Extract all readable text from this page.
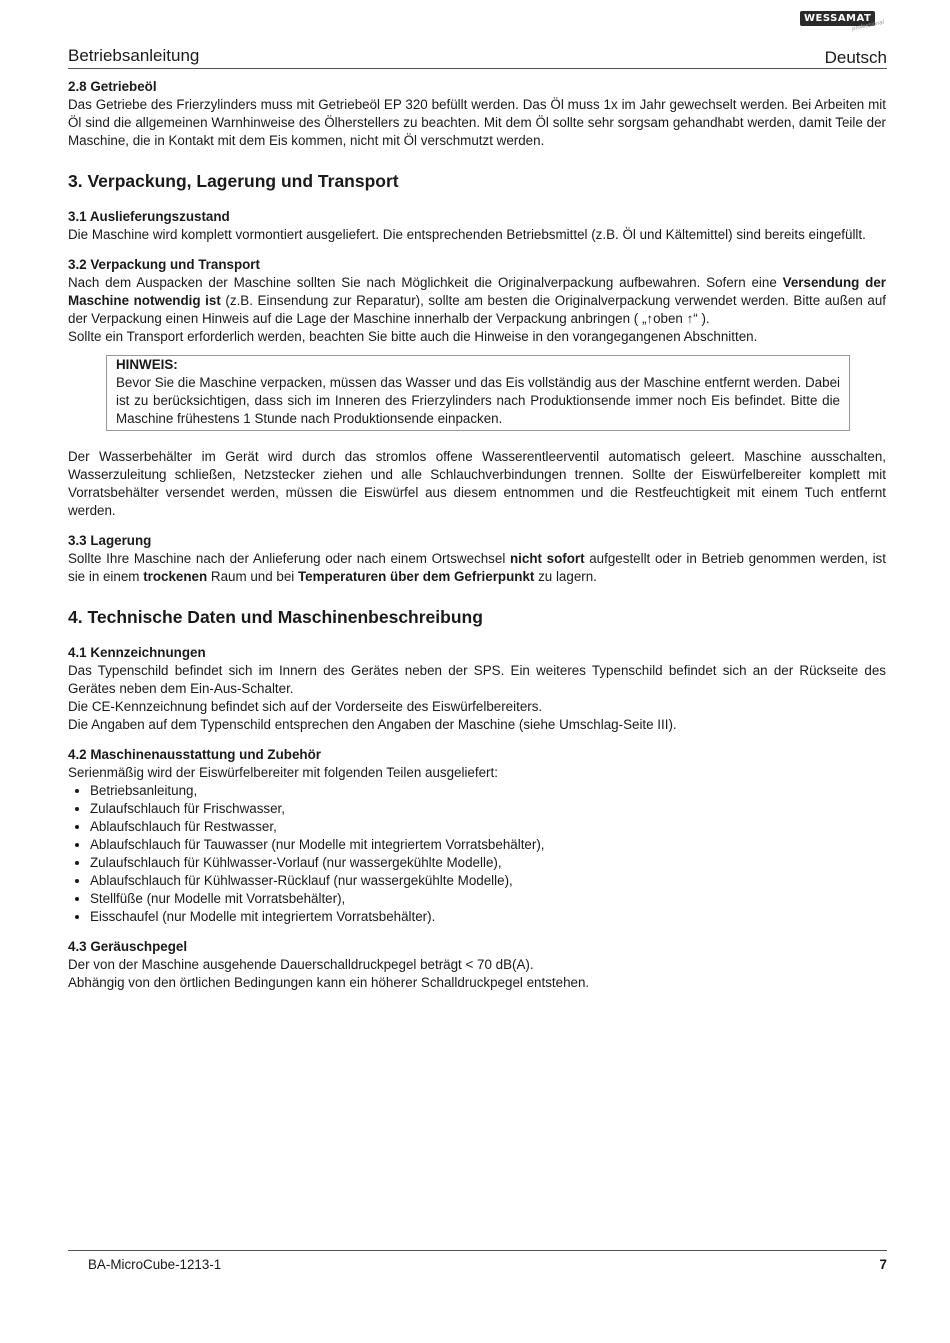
WESSAMAT
professional
Betriebsanleitung	Deutsch
2.8 Getriebeöl

Das Getriebe des Frierzylinders muss mit Getriebeöl EP 320 befüllt werden. Das Öl muss 1x im Jahr gewechselt werden. Bei Arbeiten mit Öl sind die allgemeinen Warnhinweise des Ölherstellers zu beachten. Mit dem Öl sollte sehr sorgsam gehandhabt werden, damit Teile der Maschine, die in Kontakt mit dem Eis kommen, nicht mit Öl verschmutzt werden.

3. Verpackung, Lagerung und Transport
3.1 Auslieferungszustand

Die Maschine wird komplett vormontiert ausgeliefert. Die entsprechenden Betriebsmittel (z.B. Öl und Kältemittel) sind bereits eingefüllt.

3.2 Verpackung und Transport

Nach dem Auspacken der Maschine sollten Sie nach Möglichkeit die Originalverpackung aufbewahren. Sofern eine Versendung der Maschine notwendig ist (z.B. Einsendung zur Reparatur), sollte am besten die Originalverpackung verwendet werden. Bitte außen auf der Verpackung einen Hinweis auf die Lage der Maschine innerhalb der Verpackung anbringen ( „↑oben ↑“ ).

Sollte ein Transport erforderlich werden, beachten Sie bitte auch die Hinweise in den vorangegangenen Abschnitten.

HINWEIS:

Bevor Sie die Maschine verpacken, müssen das Wasser und das Eis vollständig aus der Maschine entfernt werden. Dabei ist zu berücksichtigen, dass sich im Inneren des Frierzylinders nach Produktionsende immer noch Eis befindet. Bitte die Maschine frühestens 1 Stunde nach Produktionsende einpacken.

Der Wasserbehälter im Gerät wird durch das stromlos offene Wasserentleerventil automatisch geleert. Maschine ausschalten, Wasserzuleitung schließen, Netzstecker ziehen und alle Schlauchverbindungen trennen. Sollte der Eiswürfelbereiter komplett mit Vorratsbehälter versendet werden, müssen die Eiswürfel aus diesem entnommen und die Restfeuchtigkeit mit einem Tuch entfernt werden.

3.3 Lagerung

Sollte Ihre Maschine nach der Anlieferung oder nach einem Ortswechsel nicht sofort aufgestellt oder in Betrieb genommen werden, ist sie in einem trockenen Raum und bei Temperaturen über dem Gefrierpunkt zu lagern.

4. Technische Daten und Maschinenbeschreibung
4.1 Kennzeichnungen

Das Typenschild befindet sich im Innern des Gerätes neben der SPS. Ein weiteres Typenschild befindet sich an der Rückseite des Gerätes neben dem Ein-Aus-Schalter.

Die CE-Kennzeichnung befindet sich auf der Vorderseite des Eiswürfelbereiters.

Die Angaben auf dem Typenschild entsprechen den Angaben der Maschine (siehe Umschlag-Seite III).

4.2 Maschinenausstattung und Zubehör

Serienmäßig wird der Eiswürfelbereiter mit folgenden Teilen ausgeliefert:

• Betriebsanleitung,
• Zulaufschlauch für Frischwasser,
• Ablaufschlauch für Restwasser,
• Ablaufschlauch für Tauwasser (nur Modelle mit integriertem Vorratsbehälter),
• Zulaufschlauch für Kühlwasser-Vorlauf (nur wassergekühlte Modelle),
• Ablaufschlauch für Kühlwasser-Rücklauf (nur wassergekühlte Modelle),
• Stellfüße (nur Modelle mit Vorratsbehälter),
• Eisschaufel (nur Modelle mit integriertem Vorratsbehälter).
4.3 Geräuschpegel

Der von der Maschine ausgehende Dauerschalldruckpegel beträgt < 70 dB(A).

Abhängig von den örtlichen Bedingungen kann ein höherer Schalldruckpegel entstehen.

BA-MicroCube-1213-1	7
